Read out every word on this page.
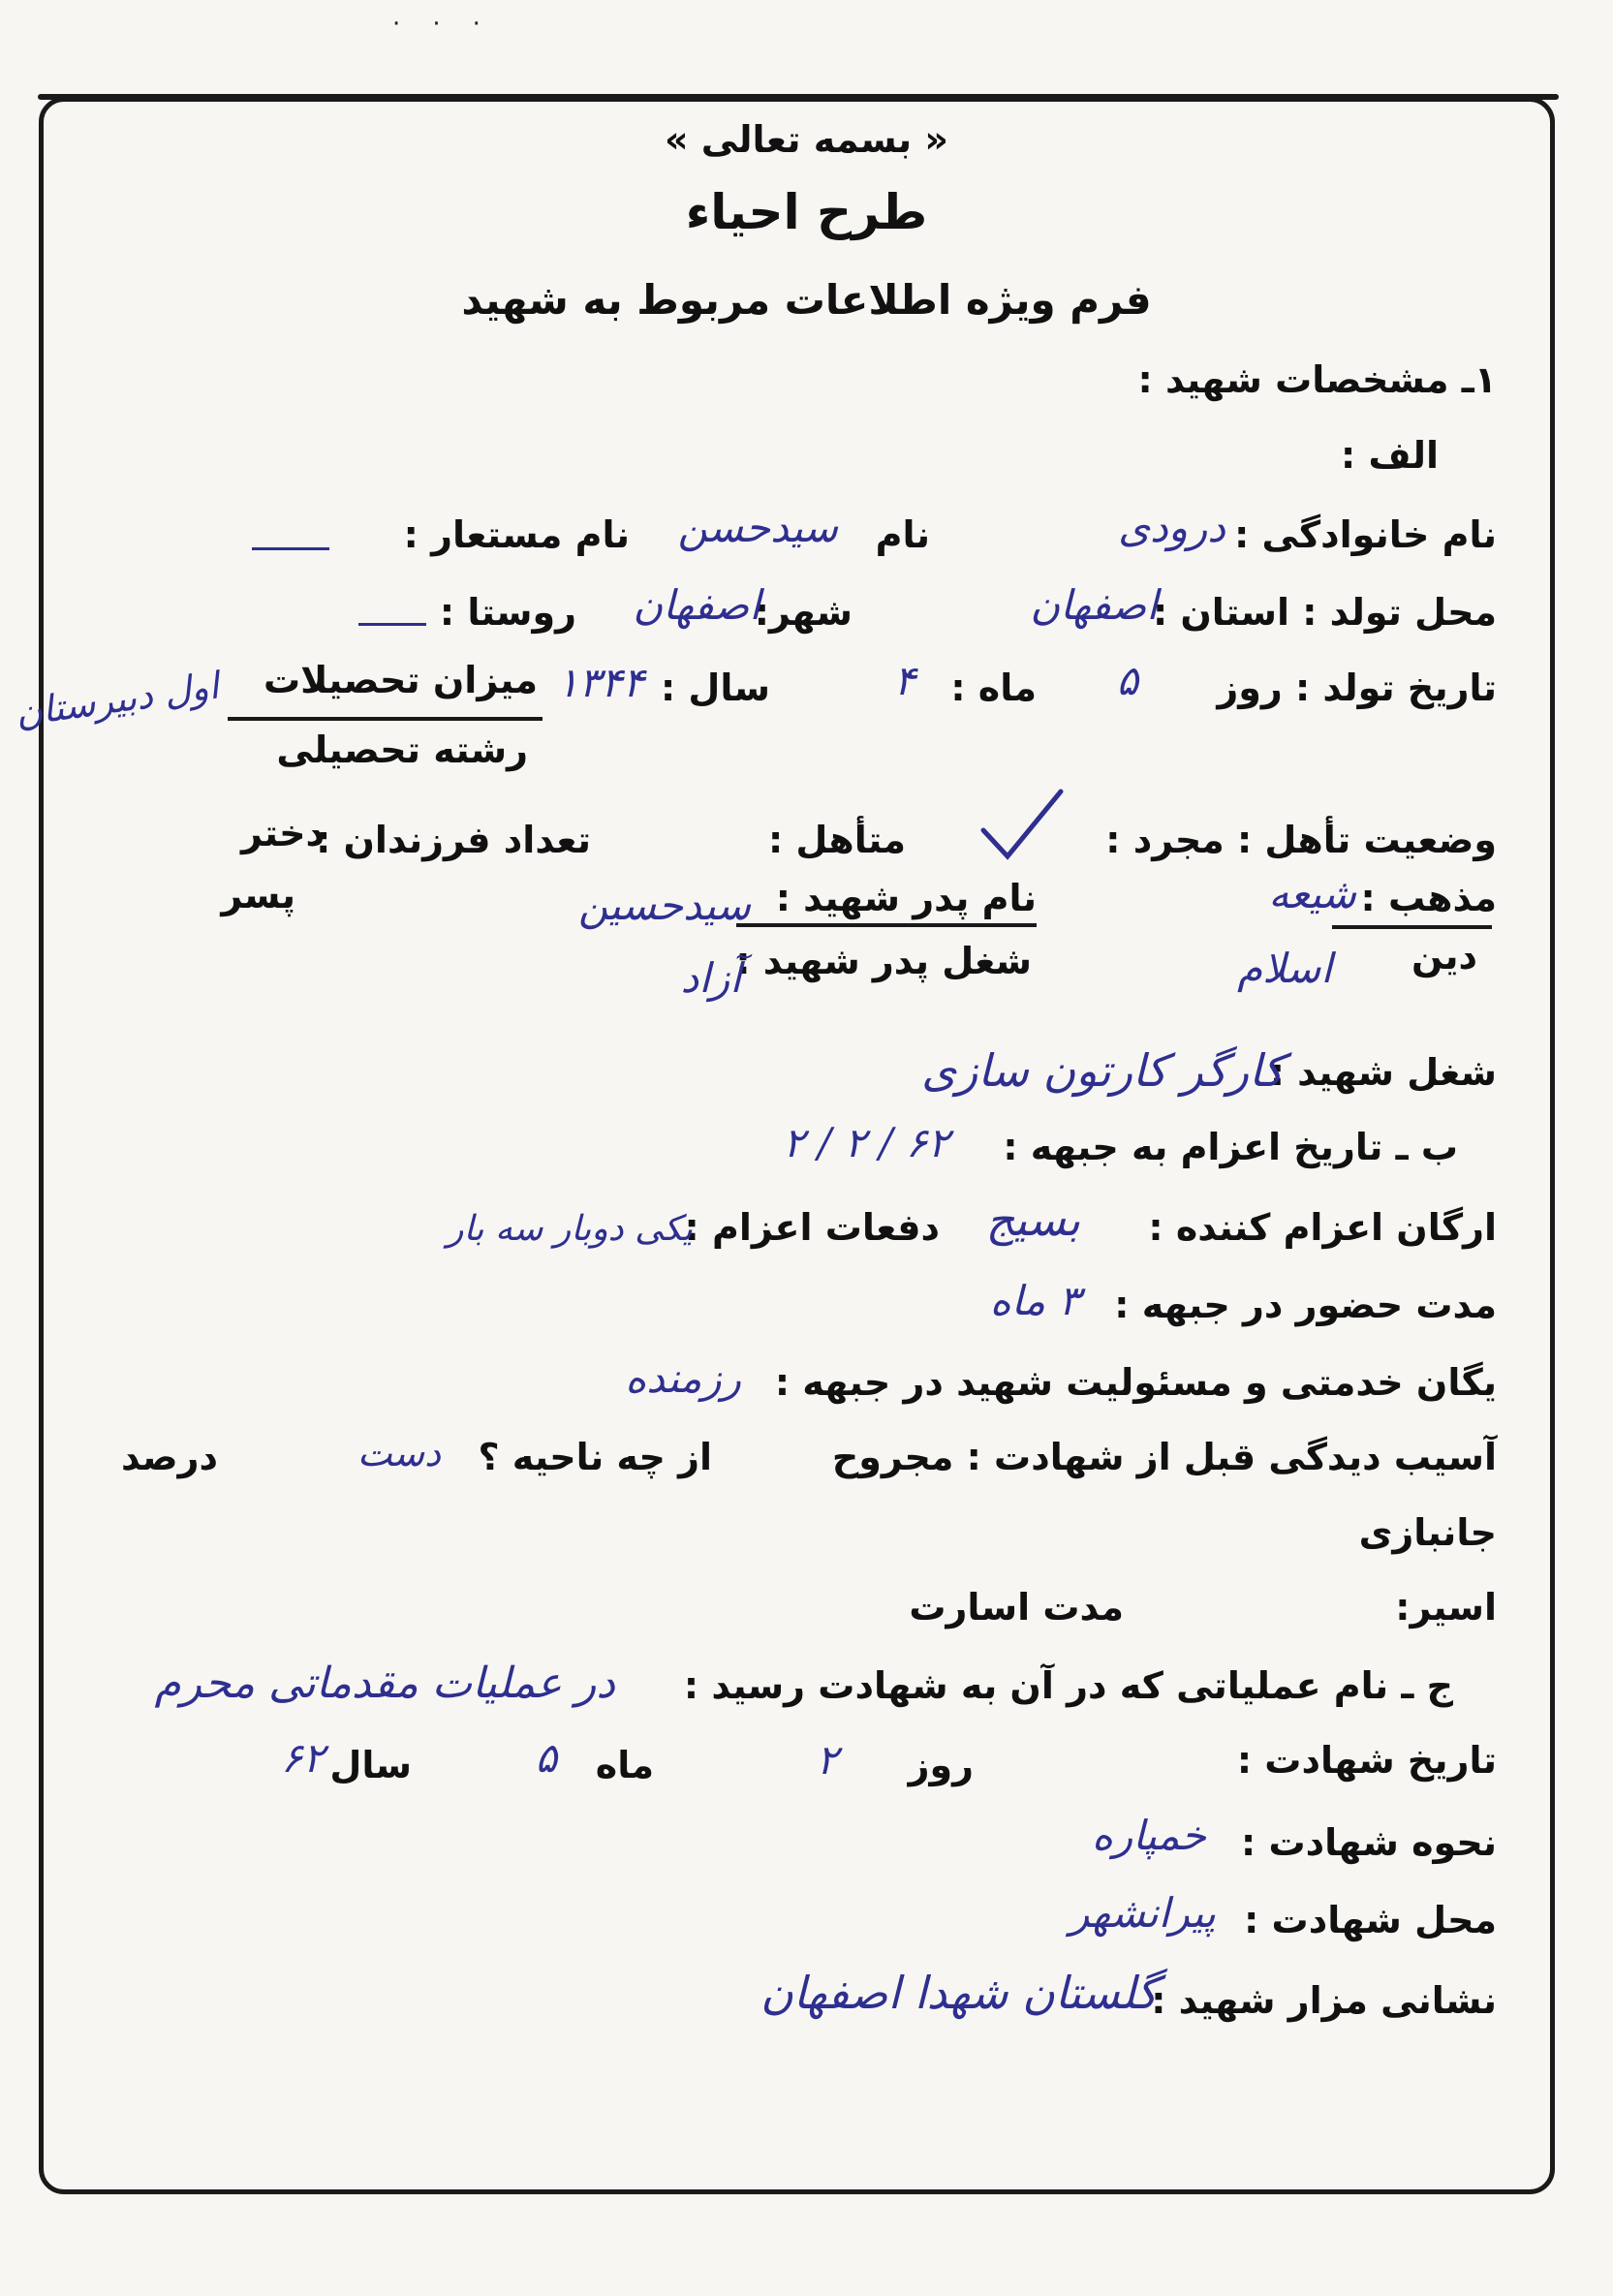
·    ·    ·
« بسمه تعالی »
طرح احیاء
فرم ویژه اطلاعات مربوط به شهید
۱ـ مشخصات شهید :
الف :
نام خانوادگی :
درودی
نام
سیدحسن
نام مستعار :
محل تولد : استان :
اصفهان
شهر:
اصفهان
روستا :
تاریخ تولد : روز
۵
ماه :
۴
سال :
۱۳۴۴
میزان تحصیلات
رشته تحصیلی
اول دبیرستان
وضعیت تأهل : مجرد :
متأهل :
تعداد فرزندان :
دختر
پسر	مذهب :
شیعه
دین
اسلام
نام پدر شهید :
سیدحسین
شغل پدر شهید :
آزاد
شغل شهید :
کارگر کارتون سازی
ب ـ تاریخ اعزام به جبهه :
۲ / ۲ / ۶۲
ارگان اعزام کننده :
بسیج
دفعات اعزام :
یکی دوبار سه بار
مدت حضور در جبهه :
۳ ماه
یگان خدمتی و مسئولیت شهید در جبهه :
رزمنده
آسیب دیدگی قبل از شهادت : مجروح
از چه ناحیه ؟
دست
درصد
جانبازی
اسیر:
مدت اسارت
ج ـ نام عملیاتی که در آن به شهادت رسید :
در عملیات مقدماتی محرم
تاریخ شهادت :
روز
۲
ماه
۵
سال
۶۲
نحوه شهادت :
خمپاره
محل شهادت :
پیرانشهر
نشانی مزار شهید :
گلستان شهدا اصفهان
